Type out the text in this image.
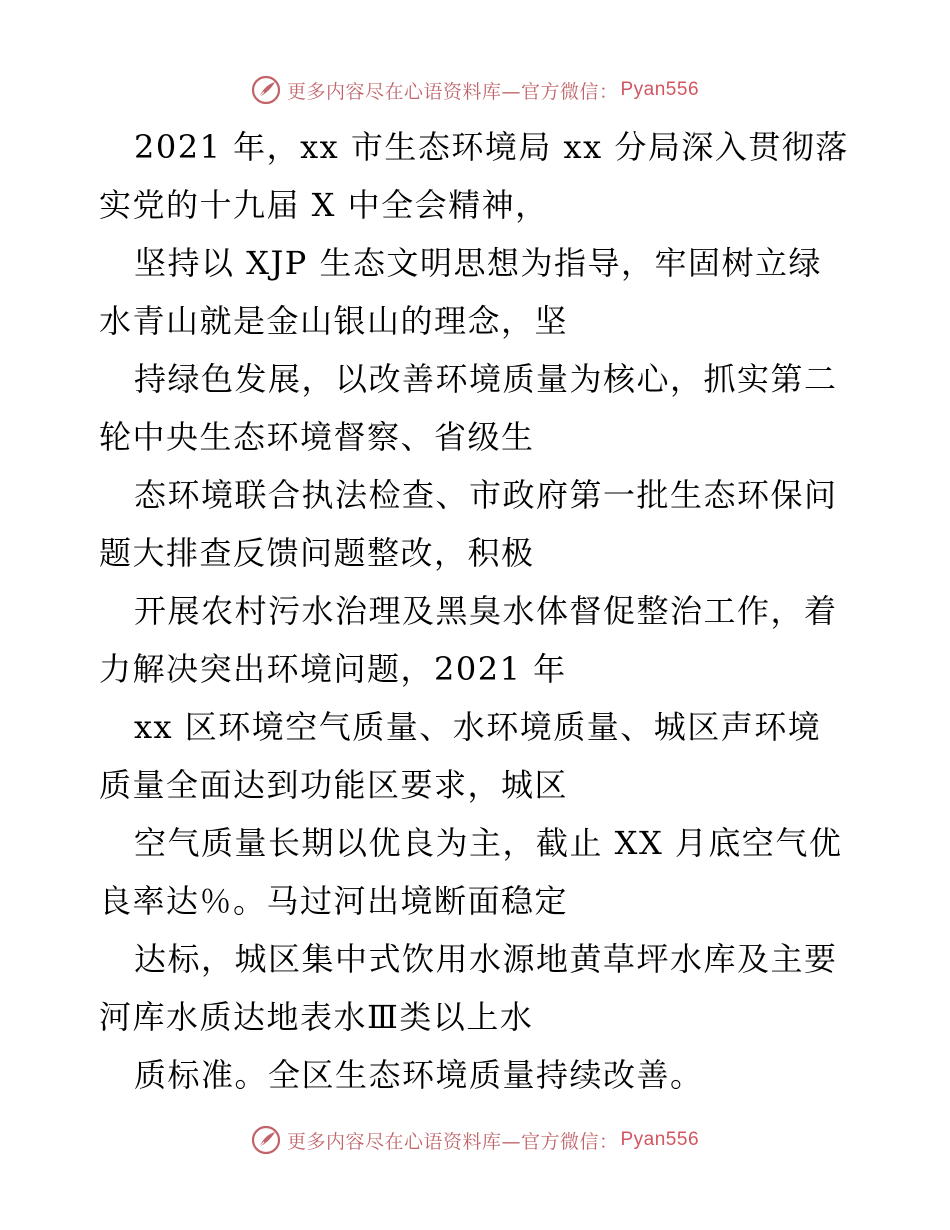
更多内容尽在心语资料库—官方微信： Pyan556
2021 年，xx 市生态环境局 xx 分局深入贯彻落
实党的十九届 X 中全会精神，
坚持以 XJP 生态文明思想为指导，牢固树立绿
水青山就是金山银山的理念，坚
持绿色发展，以改善环境质量为核心，抓实第二
轮中央生态环境督察、省级生
态环境联合执法检查、市政府第一批生态环保问
题大排查反馈问题整改，积极
开展农村污水治理及黑臭水体督促整治工作，着
力解决突出环境问题，2021 年
xx 区环境空气质量、水环境质量、城区声环境
质量全面达到功能区要求，城区
空气质量长期以优良为主，截止 XX 月底空气优
良率达％。马过河出境断面稳定
达标，城区集中式饮用水源地黄草坪水库及主要
河库水质达地表水Ⅲ类以上水
质标准。全区生态环境质量持续改善。
更多内容尽在心语资料库—官方微信： Pyan556
